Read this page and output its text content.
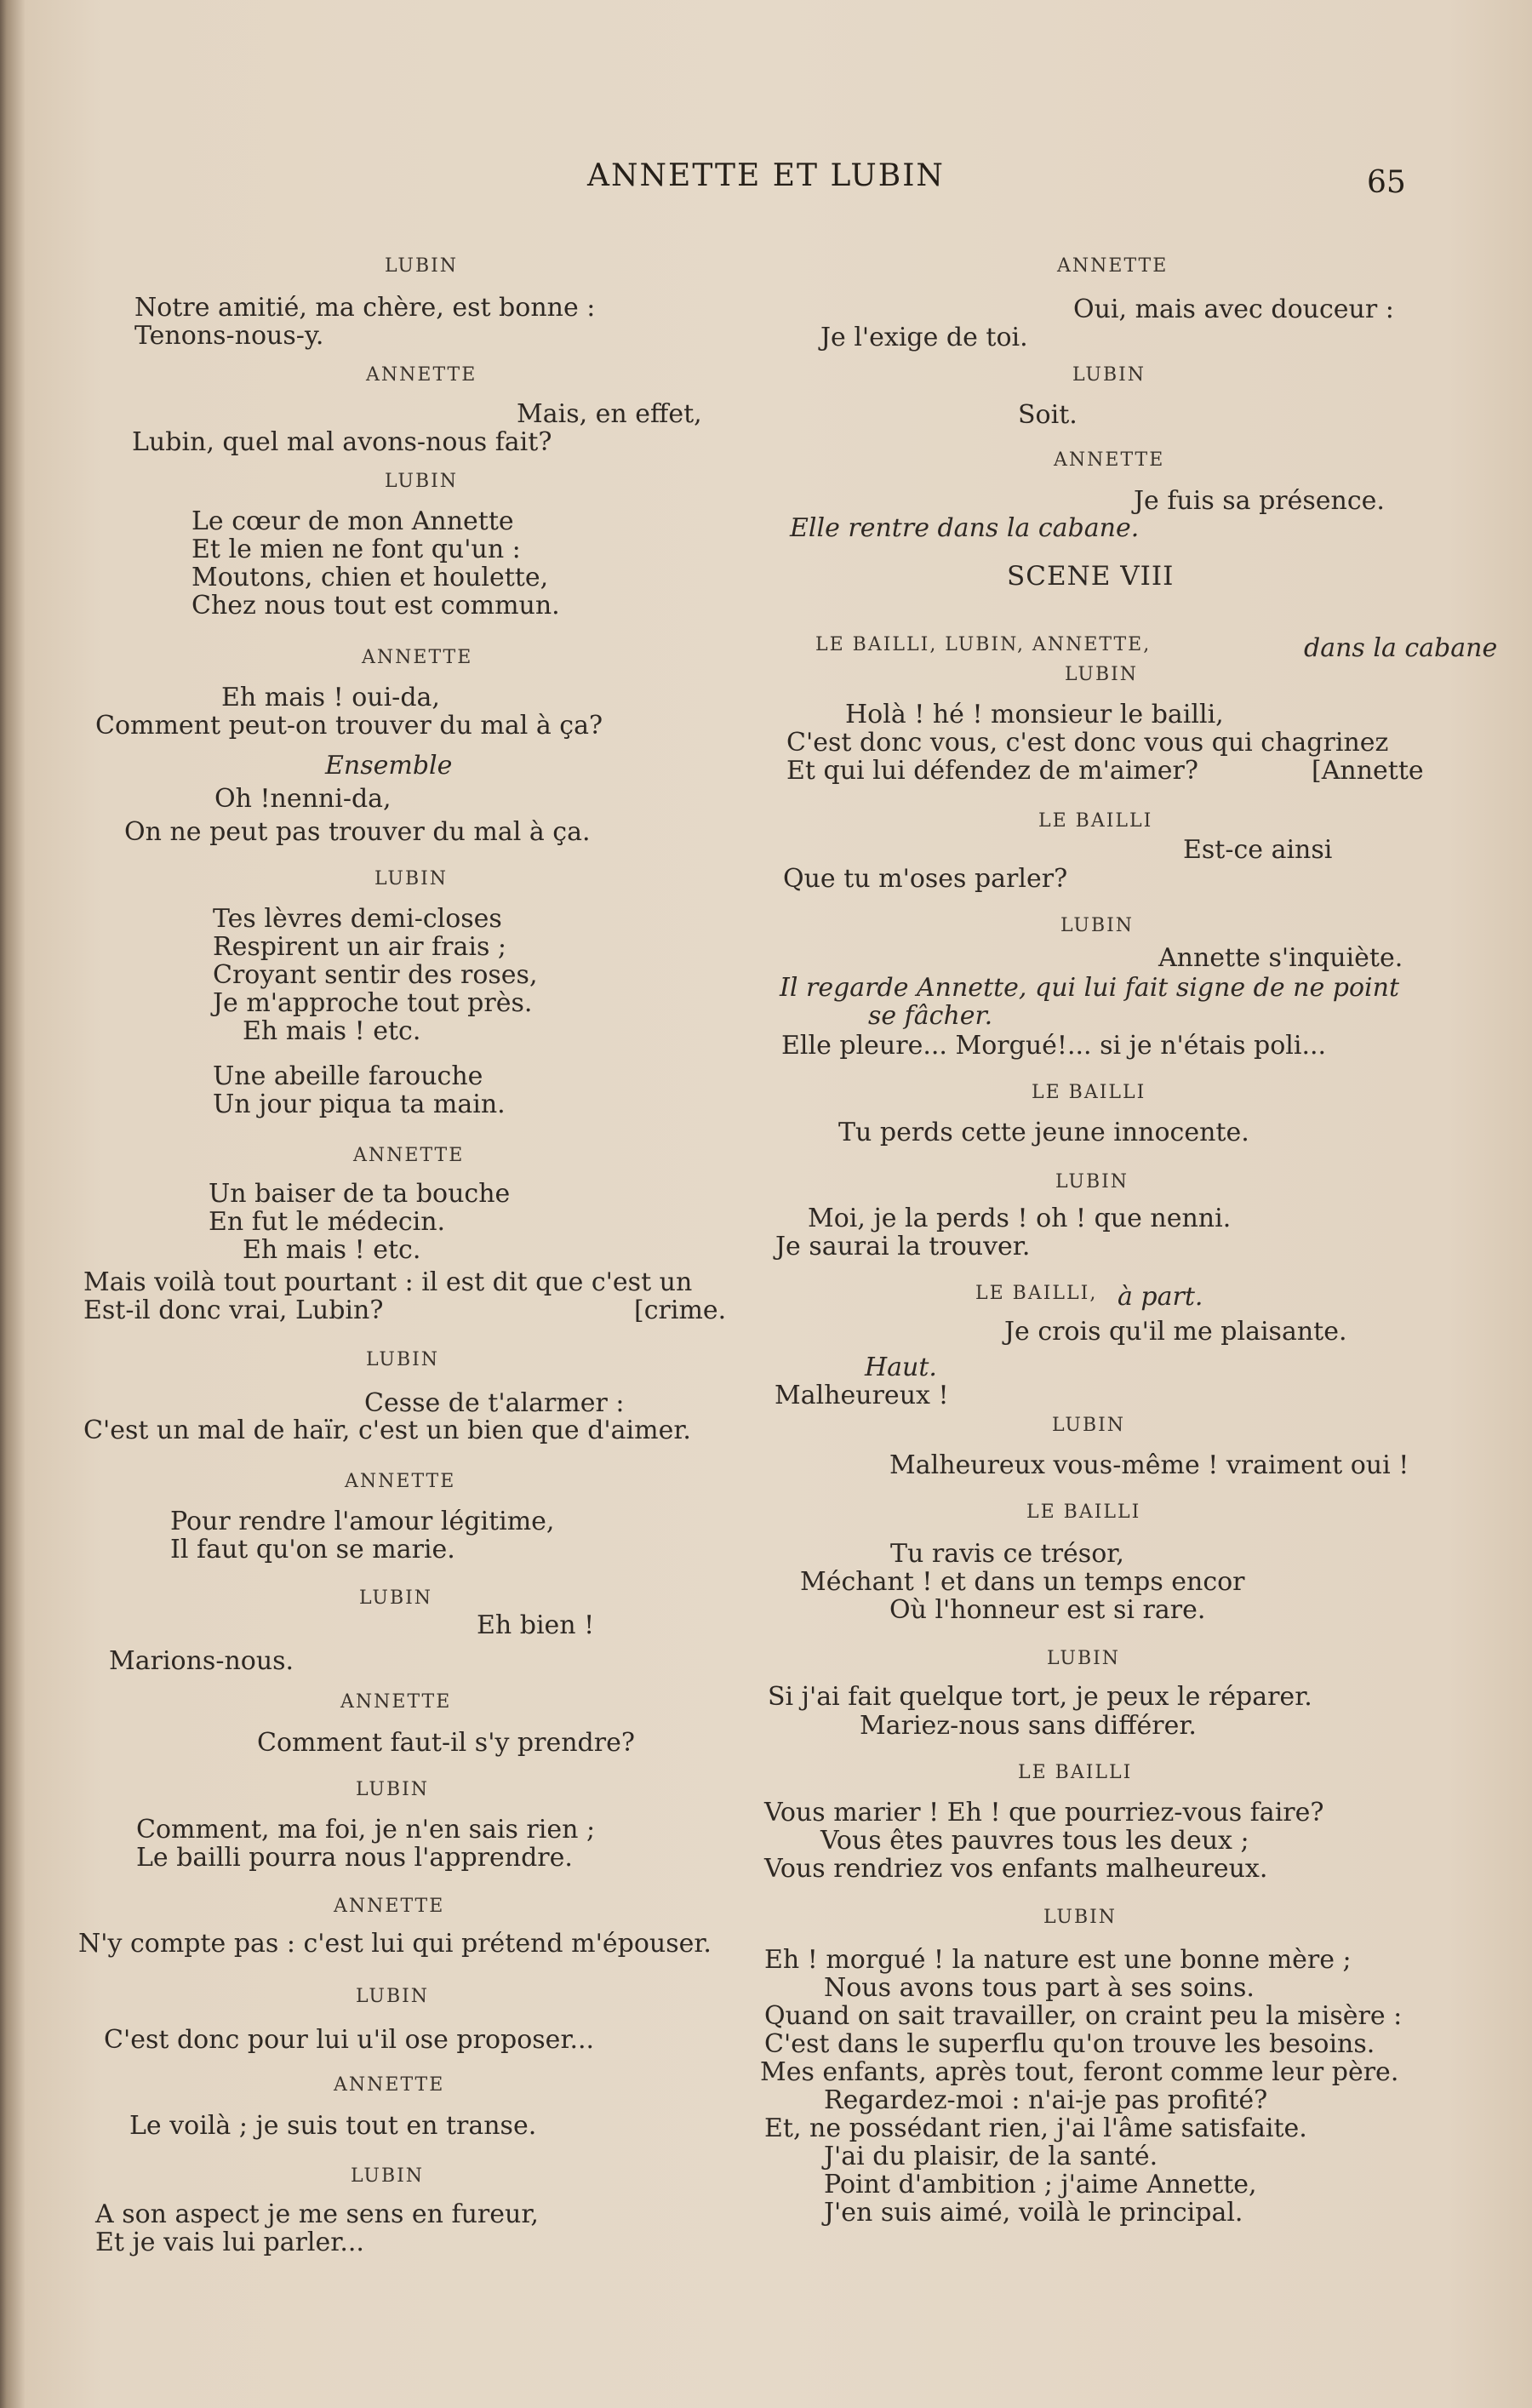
ANNETTE ET LUBIN	65
LUBIN
Notre amitié, ma chère, est bonne :
Tenons-nous-y.
ANNETTE
Mais, en effet,
Lubin, quel mal avons-nous fait?
LUBIN
Le cœur de mon Annette
Et le mien ne font qu'un :
Moutons, chien et houlette,
Chez nous tout est commun.
ANNETTE
Eh mais ! oui-da,
Comment peut-on trouver du mal à ça?
Ensemble
Oh !nenni-da,
On ne peut pas trouver du mal à ça.
LUBIN
Tes lèvres demi-closes
Respirent un air frais ;
Croyant sentir des roses,
Je m'approche tout près.
Eh mais ! etc.
Une abeille farouche
Un jour piqua ta main.
ANNETTE
Un baiser de ta bouche
En fut le médecin.
Eh mais ! etc.
Mais voilà tout pourtant : il est dit que c'est un
Est-il donc vrai, Lubin?	[crime.
LUBIN
Cesse de t'alarmer :
C'est un mal de haïr, c'est un bien que d'aimer.
ANNETTE
Pour rendre l'amour légitime,
Il faut qu'on se marie.
LUBIN
Eh bien !
Marions-nous.
ANNETTE
Comment faut-il s'y prendre?
LUBIN
Comment, ma foi, je n'en sais rien ;
Le bailli pourra nous l'apprendre.
ANNETTE
N'y compte pas : c'est lui qui prétend m'épouser.
LUBIN
C'est donc pour lui u'il ose proposer...
ANNETTE
Le voilà ; je suis tout en transe.
LUBIN
A son aspect je me sens en fureur,
Et je vais lui parler...
ANNETTE
Oui, mais avec douceur :
Je l'exige de toi.
LUBIN
Soit.
ANNETTE
Je fuis sa présence.
Elle rentre dans la cabane.
SCENE VIII
LE BAILLI, LUBIN, ANNETTE,	dans la cabane
LUBIN
Holà ! hé ! monsieur le bailli,
C'est donc vous, c'est donc vous qui chagrinez
Et qui lui défendez de m'aimer?	[Annette
LE BAILLI
Est-ce ainsi
Que tu m'oses parler?
LUBIN
Annette s'inquiète.
Il regarde Annette, qui lui fait signe de ne point
se fâcher.
Elle pleure... Morgué!... si je n'étais poli...
LE BAILLI
Tu perds cette jeune innocente.
LUBIN
Moi, je la perds ! oh ! que nenni.
Je saurai la trouver.
LE BAILLI, à part.
Je crois qu'il me plaisante.
Haut.
Malheureux !
LUBIN
Malheureux vous-même ! vraiment oui !
LE BAILLI
Tu ravis ce trésor,
Méchant ! et dans un temps encor
Où l'honneur est si rare.
LUBIN
Si j'ai fait quelque tort, je peux le réparer.
Mariez-nous sans différer.
LE BAILLI
Vous marier ! Eh ! que pourriez-vous faire?
Vous êtes pauvres tous les deux ;
Vous rendriez vos enfants malheureux.
LUBIN
Eh ! morgué ! la nature est une bonne mère ;
Nous avons tous part à ses soins.
Quand on sait travailler, on craint peu la misère :
C'est dans le superflu qu'on trouve les besoins.
Mes enfants, après tout, feront comme leur père.
Regardez-moi : n'ai-je pas profité?
Et, ne possédant rien, j'ai l'âme satisfaite.
J'ai du plaisir, de la santé.
Point d'ambition ; j'aime Annette,
J'en suis aimé, voilà le principal.
